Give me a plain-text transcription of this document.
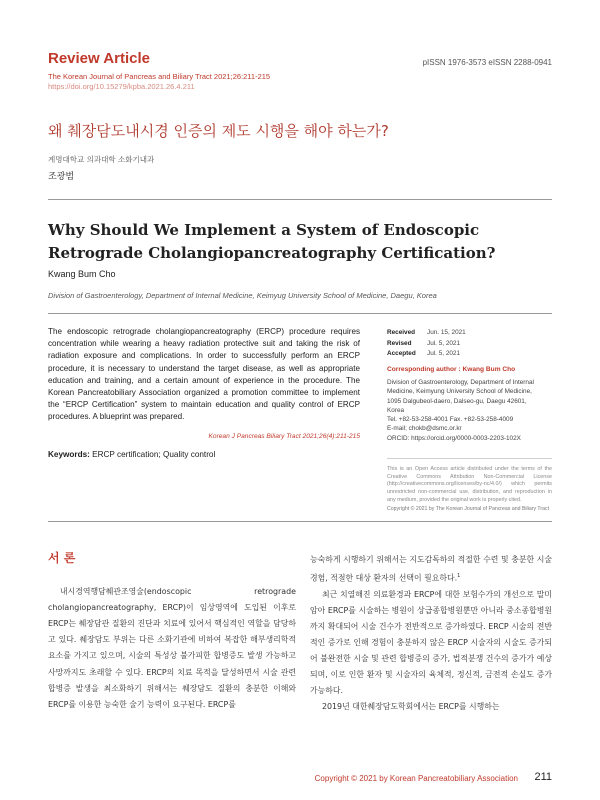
Review Article	pISSN 1976-3573 eISSN 2288-0941
The Korean Journal of Pancreas and Biliary Tract 2021;26:211-215
https://doi.org/10.15279/kpba.2021.26.4.211
왜 췌장담도내시경 인증의 제도 시행을 해야 하는가?
계명대학교 의과대학 소화기내과
조광범
Why Should We Implement a System of Endoscopic Retrograde Cholangiopancreatography Certification?
Kwang Bum Cho
Division of Gastroenterology, Department of Internal Medicine, Keimyug University School of Medicine, Daegu, Korea
The endoscopic retrograde cholangiopancreatography (ERCP) procedure requires concentration while wearing a heavy radiation protective suit and taking the risk of radiation exposure and complications. In order to successfully perform an ERCP procedure, it is necessary to understand the target disease, as well as appropriate education and training, and a certain amount of experience in the procedure. The Korean Pancreatobiliary Association organized a promotion committee to implement the “ERCP Certification” system to maintain education and quality control of ERCP procedures. A blueprint was prepared.
Korean J Pancreas Biliary Tract 2021;26(4):211-215
Keywords: ERCP certification; Quality control
Received Jun. 15, 2021
Revised Jul. 5, 2021
Accepted Jul. 5, 2021
Corresponding author : Kwang Bum Cho
Division of Gastroenterology, Department of Internal
Medicine, Keimyung University School of Medicine,
1095 Dalgubeol-daero, Dalseo-gu, Daegu 42601,
Korea
Tel. +82-53-258-4001 Fax. +82-53-258-4009
E-mail; chokb@dsmc.or.kr
ORCID: https://orcid.org/0000-0003-2203-102X
This is an Open Access article distributed under the terms of the Creative Commons Attribution Non-Commercial License (http://creativecommons.org/licenses/by-nc/4.0/) which permits unrestricted non-commercial use, distribution, and reproduction in any medium, provided the original work is properly cited.
Copyright © 2021 by The Korean Journal of Pancreas and Biliary Tract
서 론

내시경역행담췌관조영술(endoscopic retrograde cholangiopancreatography, ERCP)이 임상영역에 도입된 이후로 ERCP는 췌장담관 질환의 진단과 치료에 있어서 핵심적인 역할을 담당하고 있다. 췌장담도 부위는 다른 소화기관에 비하여 복잡한 해부생리학적 요소를 가지고 있으며, 시술의 특성상 불가피한 합병증도 발생 가능하고 사망까지도 초래할 수 있다. ERCP의 치료 목적을 달성하면서 시술 관련 합병증 발생을 최소화하기 위해서는 췌장담도 질환의 충분한 이해와 ERCP를 이용한 능숙한 술기 능력이 요구된다. ERCP를

능숙하게 시행하기 위해서는 지도감독하의 적절한 수련 및 충분한 시술 경험, 적절한 대상 환자의 선택이 필요하다.$^1$

최근 치열해진 의료환경과 ERCP에 대한 보험수가의 개선으로 말미암아 ERCP를 시술하는 병원이 상급종합병원뿐만 아니라 중소종합병원까지 확대되어 시술 건수가 전반적으로 증가하였다. ERCP 시술의 전반적인 증가로 인해 경험이 충분하지 않은 ERCP 시술자의 시술도 증가되어 불완전한 시술 및 관련 합병증의 증가, 법적분쟁 건수의 증가가 예상되며, 이로 인한 환자 및 시술자의 육체적, 정신적, 금전적 손실도 증가 가능하다.

2019년 대한췌장담도학회에서는 ERCP를 시행하는

Copyright © 2021 by Korean Pancreatobiliary Association 211
